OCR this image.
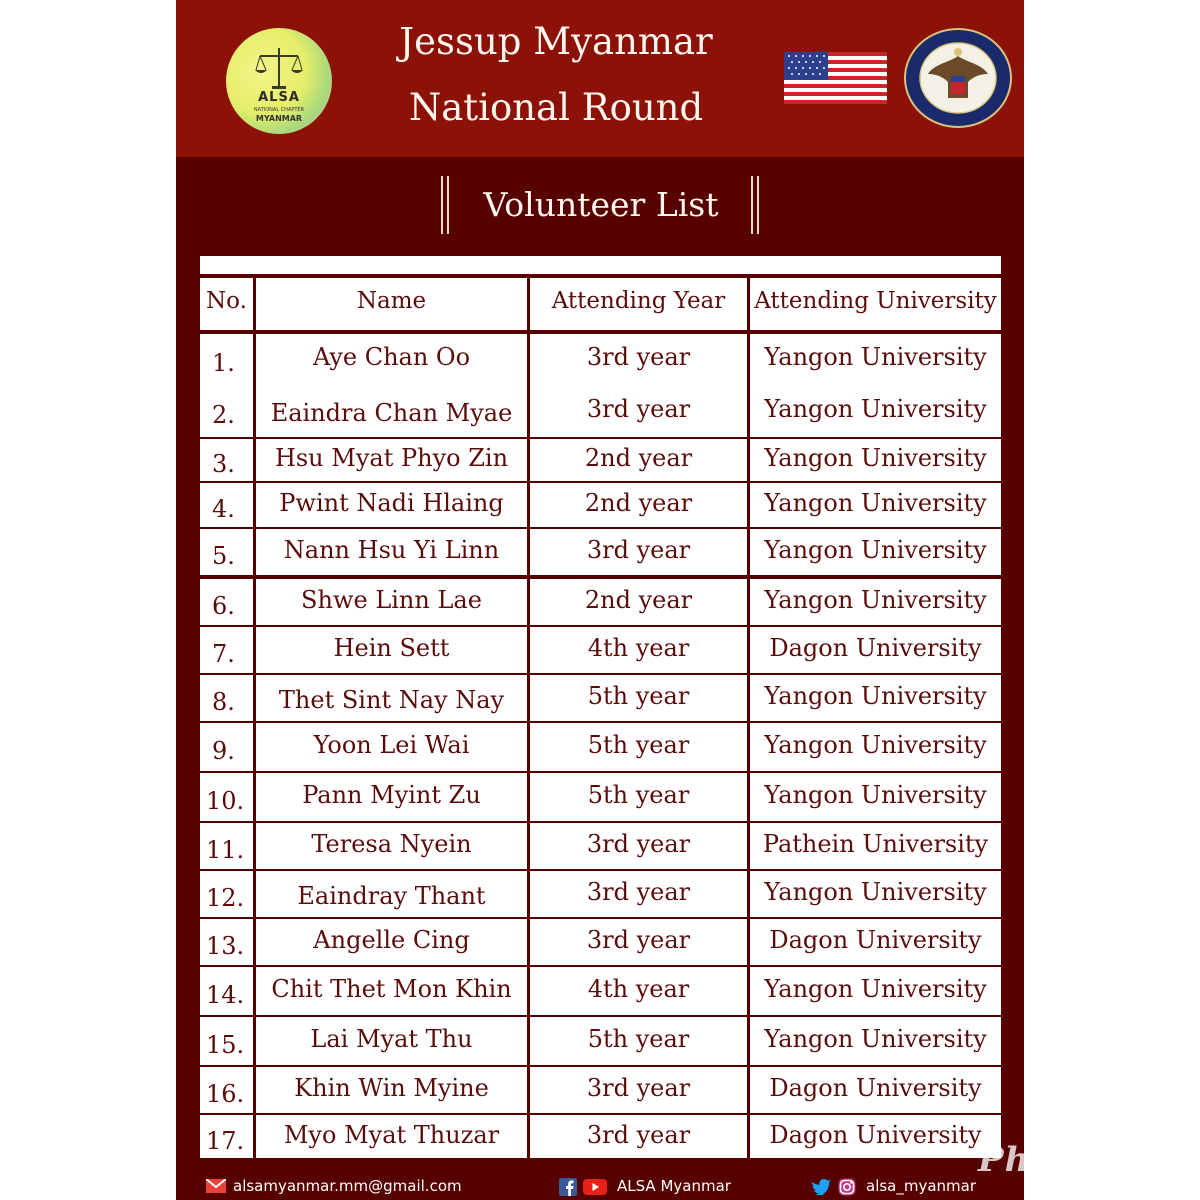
ALSA
NATIONAL CHAPTER
MYANMAR
Jessup Myanmar
National Round
Volunteer List
No.	Name	Attending Year	Attending University
1.	Aye Chan Oo	3rd year	Yangon University
2.	Eaindra Chan Myae	3rd year	Yangon University
3.	Hsu Myat Phyo Zin	2nd year	Yangon University
4.	Pwint Nadi Hlaing	2nd year	Yangon University
5.	Nann Hsu Yi Linn	3rd year	Yangon University
6.	Shwe Linn Lae	2nd year	Yangon University
7.	Hein Sett	4th year	Dagon University
8.	Thet Sint Nay Nay	5th year	Yangon University
9.	Yoon Lei Wai	5th year	Yangon University
10.	Pann Myint Zu	5th year	Yangon University
11.	Teresa Nyein	3rd year	Pathein University
12.	Eaindray Thant	3rd year	Yangon University
13.	Angelle Cing	3rd year	Dagon University
14.	Chit Thet Mon Khin	4th year	Yangon University
15.	Lai Myat Thu	5th year	Yangon University
16.	Khin Win Myine	3rd year	Dagon University
17.	Myo Myat Thuzar	3rd year	Dagon University
alsamyanmar.mm@gmail.com	ALSA Myanmar	alsa_myanmar
PhotoGrid
